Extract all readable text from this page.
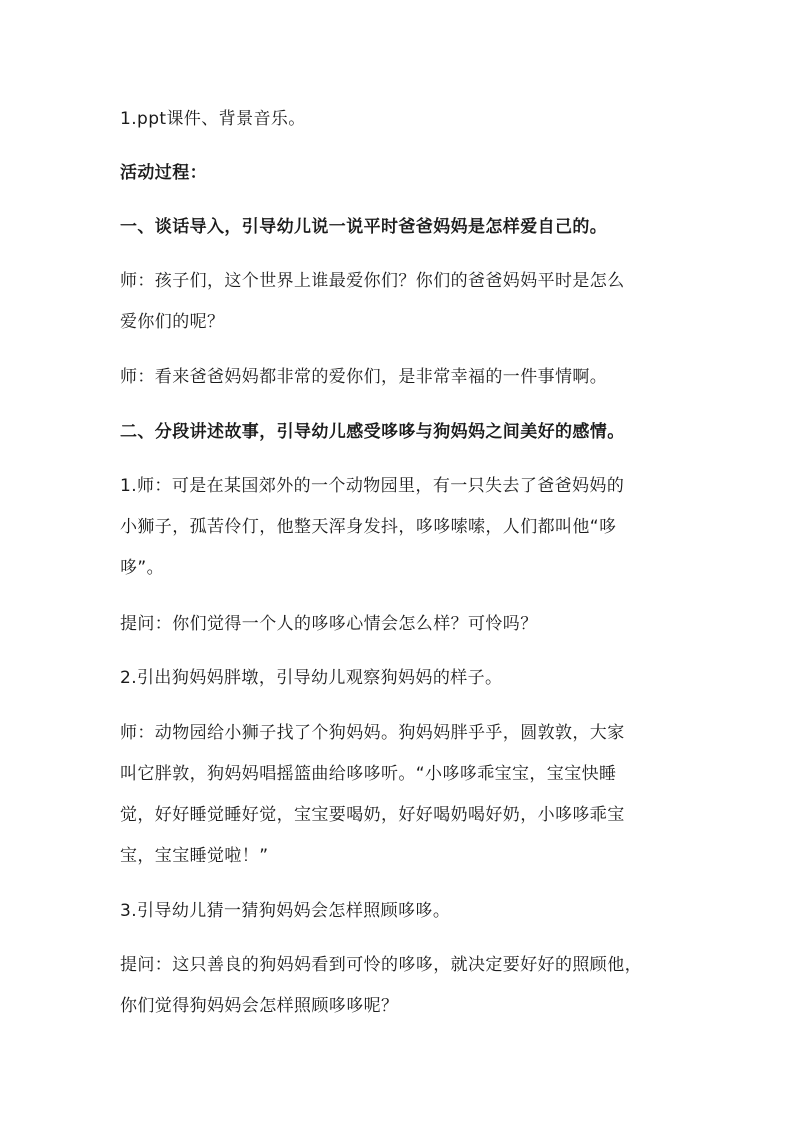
1.ppt课件、背景音乐。
活动过程：
一、谈话导入，引导幼儿说一说平时爸爸妈妈是怎样爱自己的。
师：孩子们，这个世界上谁最爱你们？你们的爸爸妈妈平时是怎么
爱你们的呢？
师：看来爸爸妈妈都非常的爱你们，是非常幸福的一件事情啊。
二、分段讲述故事，引导幼儿感受哆哆与狗妈妈之间美好的感情。
1.师：可是在某国郊外的一个动物园里，有一只失去了爸爸妈妈的
小狮子，孤苦伶仃，他整天浑身发抖，哆哆嗦嗦，人们都叫他“哆
哆”。
提问：你们觉得一个人的哆哆心情会怎么样？可怜吗？
2.引出狗妈妈胖墩，引导幼儿观察狗妈妈的样子。
师：动物园给小狮子找了个狗妈妈。狗妈妈胖乎乎，圆敦敦，大家
叫它胖敦，狗妈妈唱摇篮曲给哆哆听。“小哆哆乖宝宝，宝宝快睡
觉，好好睡觉睡好觉，宝宝要喝奶，好好喝奶喝好奶，小哆哆乖宝
宝，宝宝睡觉啦！”
3.引导幼儿猜一猜狗妈妈会怎样照顾哆哆。
提问：这只善良的狗妈妈看到可怜的哆哆，就决定要好好的照顾他，
你们觉得狗妈妈会怎样照顾哆哆呢？
